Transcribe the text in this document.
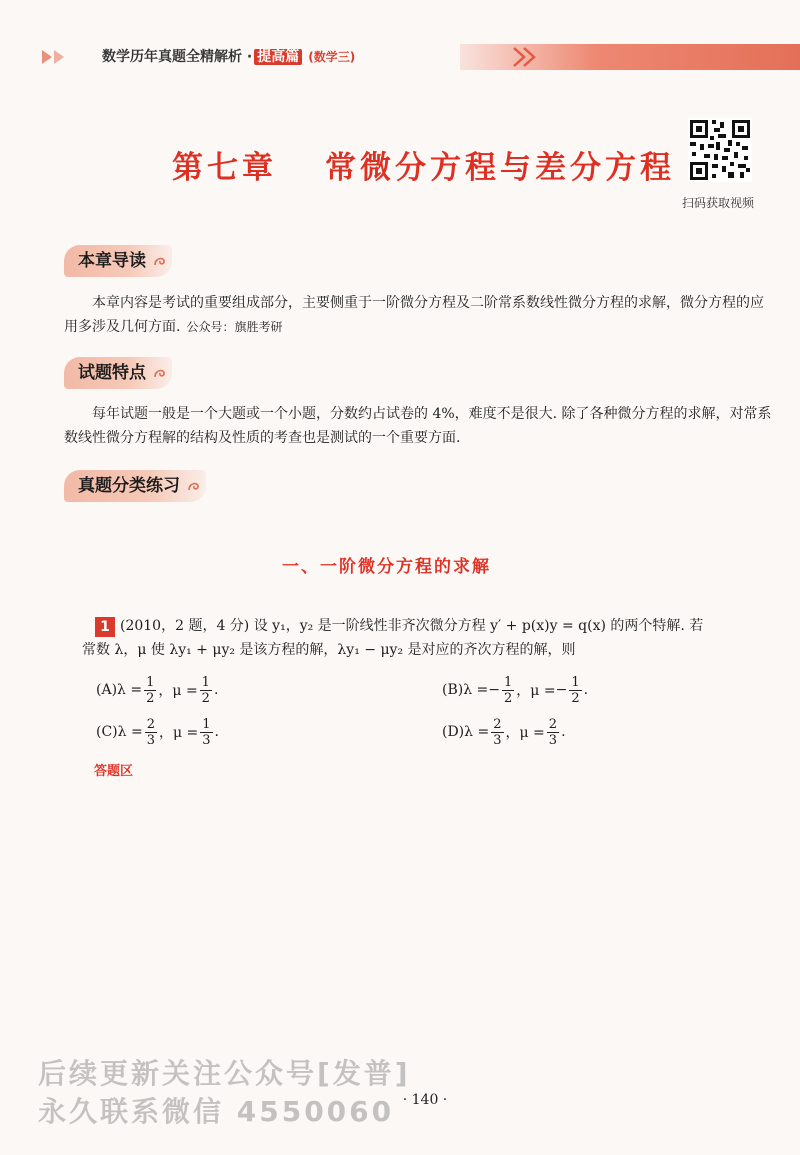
数学历年真题全精解析 · 提高篇 (数学三)
第七章 常微分方程与差分方程
扫码获取视频
本章导读
本章内容是考试的重要组成部分，主要侧重于一阶微分方程及二阶常系数线性微分方程的求解，微分方程的应用多涉及几何方面. 公众号：旗胜考研
试题特点
每年试题一般是一个大题或一个小题，分数约占试卷的 4%，难度不是很大. 除了各种微分方程的求解，对常系数线性微分方程解的结构及性质的考查也是测试的一个重要方面.
真题分类练习
一、一阶微分方程的求解
1 (2010，2 题，4 分) 设 y₁，y₂ 是一阶线性非齐次微分方程 y′ + p(x)y = q(x) 的两个特解. 若
常数 λ，μ 使 λy₁ + μy₂ 是该方程的解，λy₁ − μy₂ 是对应的齐次方程的解，则
(A) $\lambda = \frac{1}{2}$ ，$\mu = \frac{1}{2}$ .	(B) λ = − $\frac{1}{2}$ ，μ = − $\frac{1}{2}$ .
(C) $\lambda = \frac{2}{3}$ ，$\mu = \frac{1}{3}$ .	(D) $\lambda = \frac{2}{3}$ ，$\mu = \frac{2}{3}$ .
答题区
后续更新关注公众号[发普]
永久联系微信 4550060 · 140 ·
